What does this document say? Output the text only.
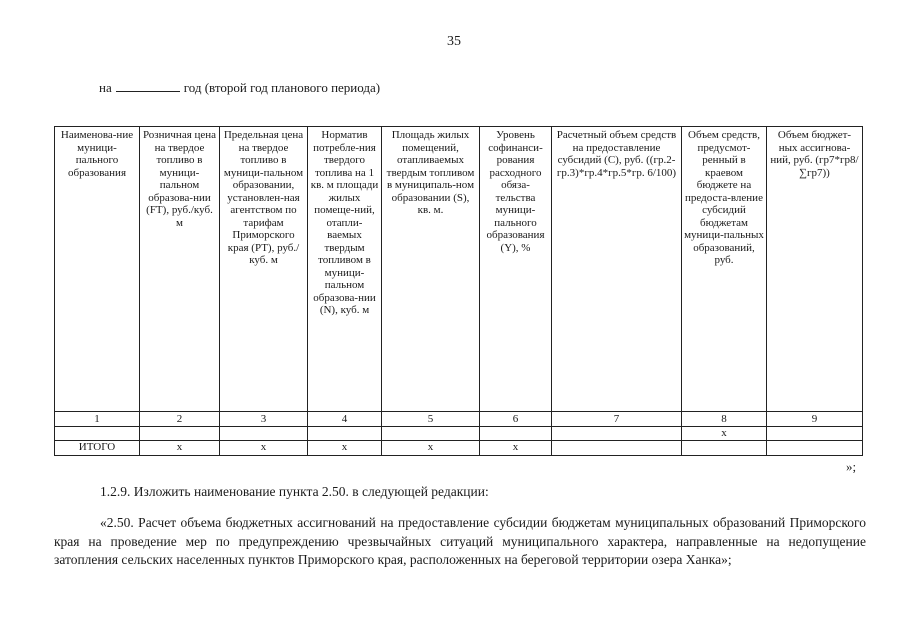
35
на	год (второй год планового периода)
Наименова-ние муници-пального образования	Розничная цена на твердое топливо в муници-пальном образова-нии (FT), руб./куб. м	Предельная цена на твердое топливо в муници-пальном образовании, установлен-ная агентством по тарифам Приморского края (РТ), руб./куб. м	Норматив потребле-ния твердого топлива на 1 кв. м площади жилых помеще-ний, отапли-ваемых твердым топливом в муници-пальном образова-нии (N), куб. м	Площадь жилых помещений, отапливаемых твердым топливом в муниципаль-ном образовании (S), кв. м.	Уровень софинанси-рования расходного обяза-тельства муници-пального образования (Y), %	Расчетный объем средств на предоставление субсидий (C), руб. ((гр.2-гр.3)*гр.4*гр.5*гр. 6/100)	Объем средств, предусмот-ренный в краевом бюджете на предоста-вление субсидий бюджетам муници-пальных образований, руб.	Объем бюджет-ных ассигнова-ний, руб. (гр7*гр8/ ∑гр7))
1	2	3	4	5	6	7	8	9
							x	
ИТОГО	x	x	x	x	x			
»;
1.2.9. Изложить наименование пункта 2.50. в следующей редакции:

«2.50. Расчет объема бюджетных ассигнований на предоставление субсидии бюджетам муниципальных образований Приморского края на проведение мер по предупреждению чрезвычайных ситуаций муниципального характера, направленные на недопущение затопления сельских населенных пунктов Приморского края, расположенных на береговой территории озера Ханка»;
